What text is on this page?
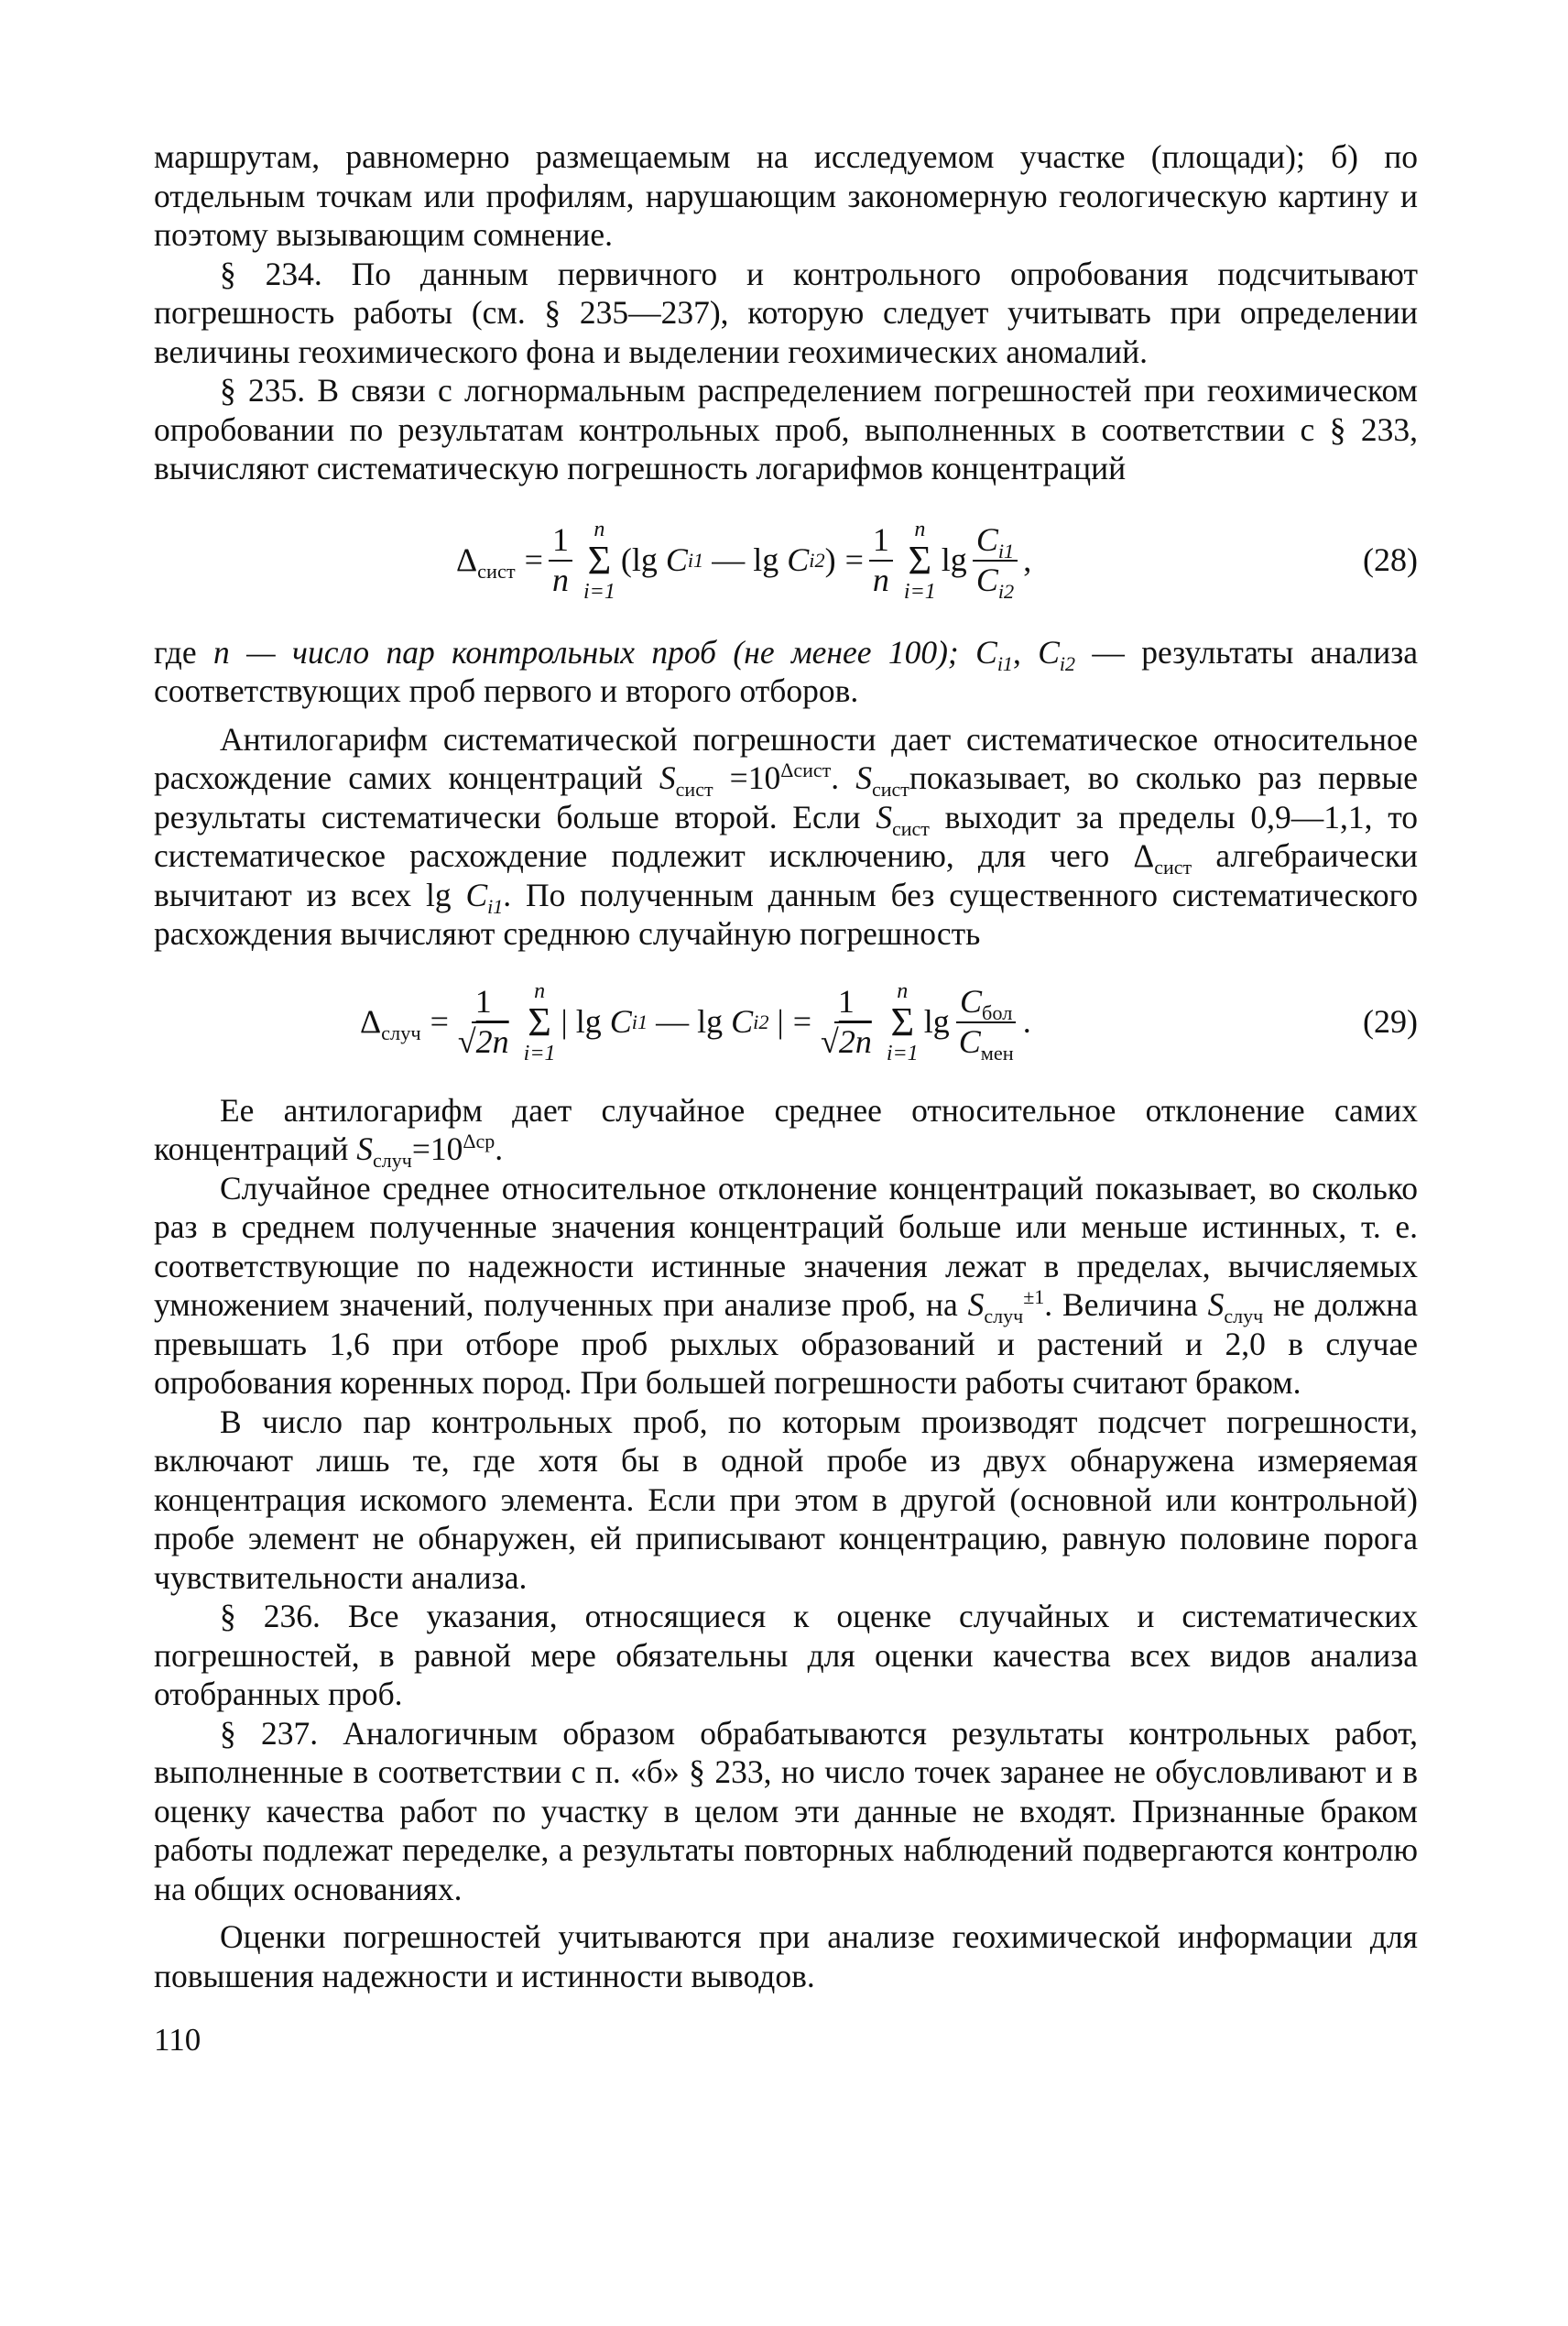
маршрутам, равномерно размещаемым на исследуемом участке (площади); б) по отдельным точкам или профилям, нарушающим закономерную геологическую картину и поэтому вызывающим сомнение.

§ 234. По данным первичного и контрольного опробования подсчитывают погрешность работы (см. § 235—237), которую следует учитывать при определении величины геохимического фона и выделении геохимических аномалий.

§ 235. В связи с логнормальным распределением погрешностей при геохимическом опробовании по результатам контрольных проб, выполненных в соответствии с § 233, вычисляют систематическую погрешность логарифмов концентраций

$\Delta_{сист} = \frac{1}{n}$ n
Σ
i=1
(lg
C i1
— lg
C i2 ) = $\frac{1}{n}$ n
Σ
i=1
$\lg \frac{C_{i1}}{C_{i2}}$ ,	(28)

где n — число пар контрольных проб (не менее 100); $C_{i1}$, $C_{i2}$ — результаты анализа соответствующих проб первого и второго отборов.

Антилогарифм систематической погрешности дает систематическое относительное расхождение самих концентраций $S_{сист} =10^{\Delta сист}$. $S_{сист}показывает$, во сколько раз первые результаты систематически больше второй. Если $S_{сист}$ выходит за пределы 0,9—1,1, то систематическое расхождение подлежит исключению, для чего $\Delta_{сист}$ алгебраически вычитают из всех $\lg C_{i1}$. По полученным данным без существенного систематического расхождения вычисляют среднюю случайную погрешность

$\Delta_{случ} = \frac{1}{√2n}$ n
Σ
i=1
| lg
C i1
— lg
C i2
| = $\frac{1}{√2n}$ n
Σ
i=1
$\lg \frac{C_{бол}}{C_{мен}}$ .	(29)

Ее антилогарифм дает случайное среднее относительное отклонение самих концентраций $S_{случ}=10^{\Delta ср}$.

Случайное среднее относительное отклонение концентраций показывает, во сколько раз в среднем полученные значения концентраций больше или меньше истинных, т. е. соответствующие по надежности истинные значения лежат в пределах, вычисляемых умножением значений, полученных при анализе проб, на $S_{случ}^{\pm 1}$. Величина $S_{случ}$ не должна превышать 1,6 при отборе проб рыхлых образований и растений и 2,0 в случае опробования коренных пород. При большей погрешности работы считают браком.

В число пар контрольных проб, по которым производят подсчет погрешности, включают лишь те, где хотя бы в одной пробе из двух обнаружена измеряемая концентрация искомого элемента. Если при этом в другой (основной или контрольной) пробе элемент не обнаружен, ей приписывают концентрацию, равную половине порога чувствительности анализа.

§ 236. Все указания, относящиеся к оценке случайных и систематических погрешностей, в равной мере обязательны для оценки качества всех видов анализа отобранных проб.

§ 237. Аналогичным образом обрабатываются результаты контрольных работ, выполненные в соответствии с п. «б» § 233, но число точек заранее не обусловливают и в оценку качества работ по участку в целом эти данные не входят. Признанные браком работы подлежат переделке, а результаты повторных наблюдений подвергаются контролю на общих основаниях.

Оценки погрешностей учитываются при анализе геохимической информации для повышения надежности и истинности выводов.

110
